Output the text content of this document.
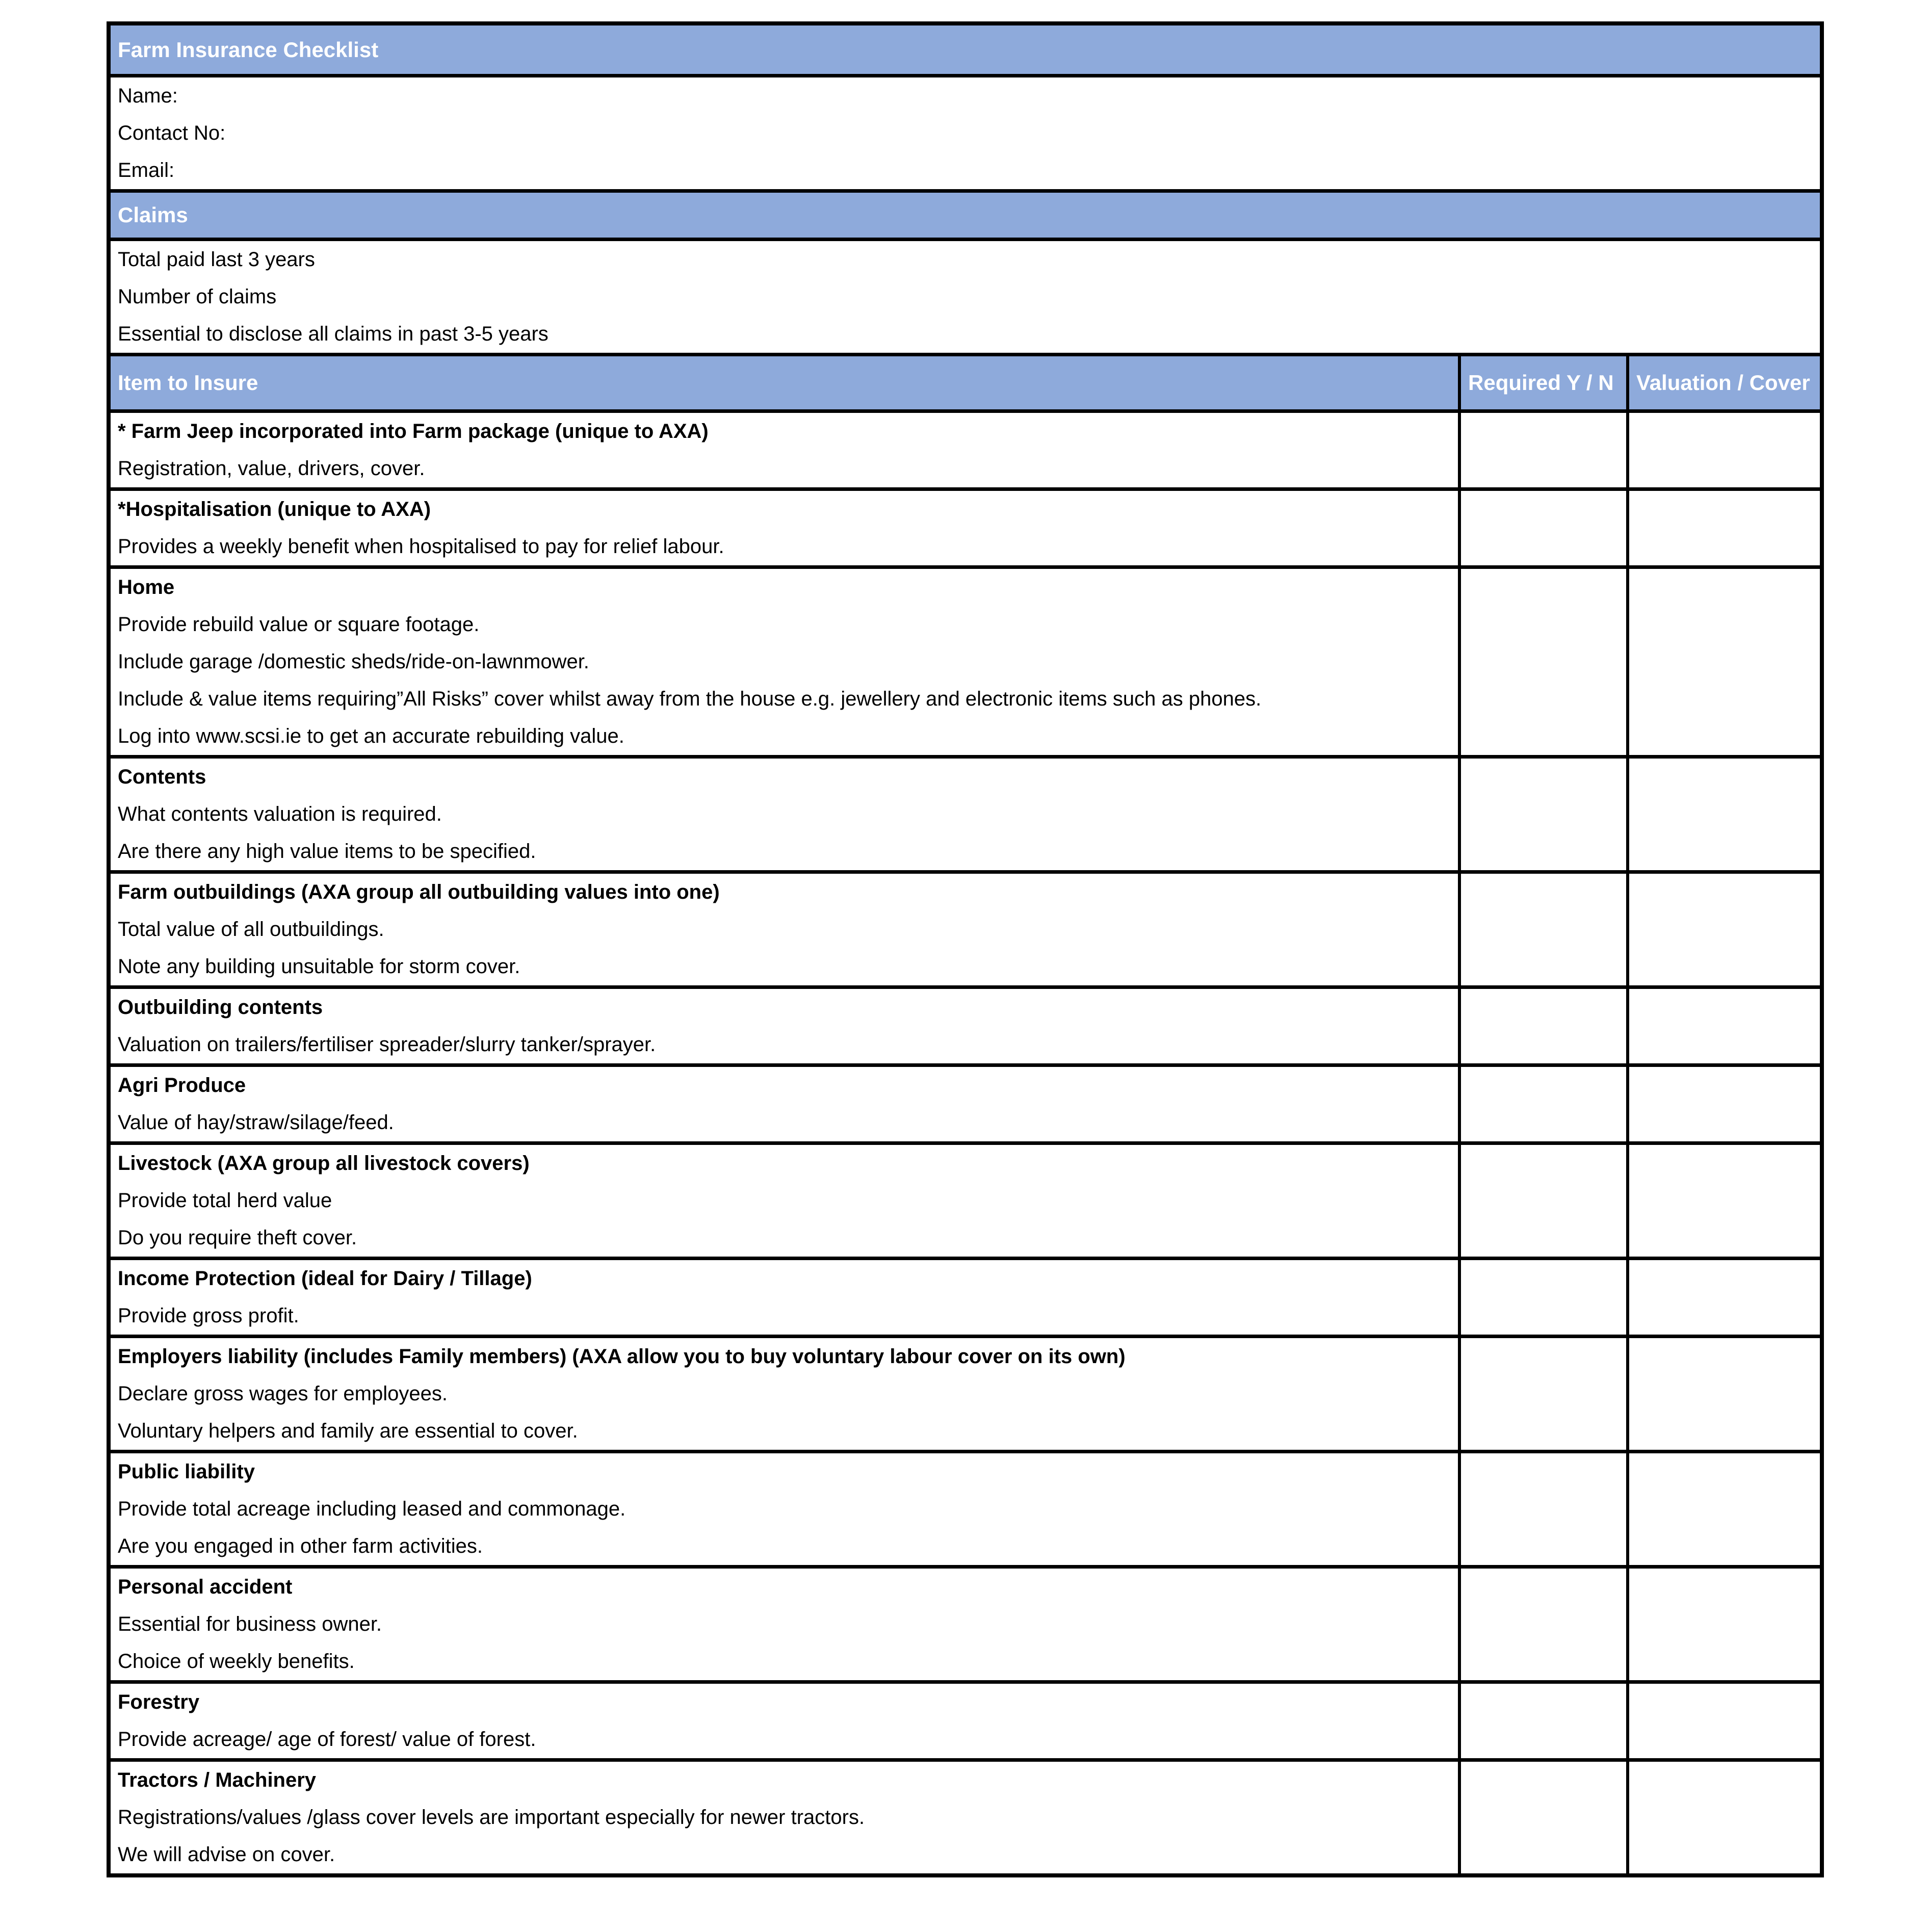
Farm Insurance Checklist
Name:
Contact No:
Email:
Claims
Total paid last 3 years
Number of claims
Essential to disclose all claims in past 3-5 years
Item to Insure	Required Y / N	Valuation / Cover
* Farm Jeep incorporated into Farm package (unique to AXA)
Registration, value, drivers, cover.
*Hospitalisation (unique to AXA)
Provides a weekly benefit when hospitalised to pay for relief labour.
Home
Provide rebuild value or square footage.
Include garage /domestic sheds/ride-on-lawnmower.
Include & value items requiring”All Risks” cover whilst away from the house e.g. jewellery and electronic items such as phones.
Log into www.scsi.ie to get an accurate rebuilding value.
Contents
What contents valuation is required.
Are there any high value items to be specified.
Farm outbuildings (AXA group all outbuilding values into one)
Total value of all outbuildings.
Note any building unsuitable for storm cover.
Outbuilding contents
Valuation on trailers/fertiliser spreader/slurry tanker/sprayer.
Agri Produce
Value of hay/straw/silage/feed.
Livestock (AXA group all livestock covers)
Provide total herd value
Do you require theft cover.
Income Protection (ideal for Dairy / Tillage)
Provide gross profit.
Employers liability (includes Family members) (AXA allow you to buy voluntary labour cover on its own)
Declare gross wages for employees.
Voluntary helpers and family are essential to cover.
Public liability
Provide total acreage including leased and commonage.
Are you engaged in other farm activities.
Personal accident
Essential for business owner.
Choice of weekly benefits.
Forestry
Provide acreage/ age of forest/ value of forest.
Tractors / Machinery
Registrations/values /glass cover levels are important especially for newer tractors.
We will advise on cover.
